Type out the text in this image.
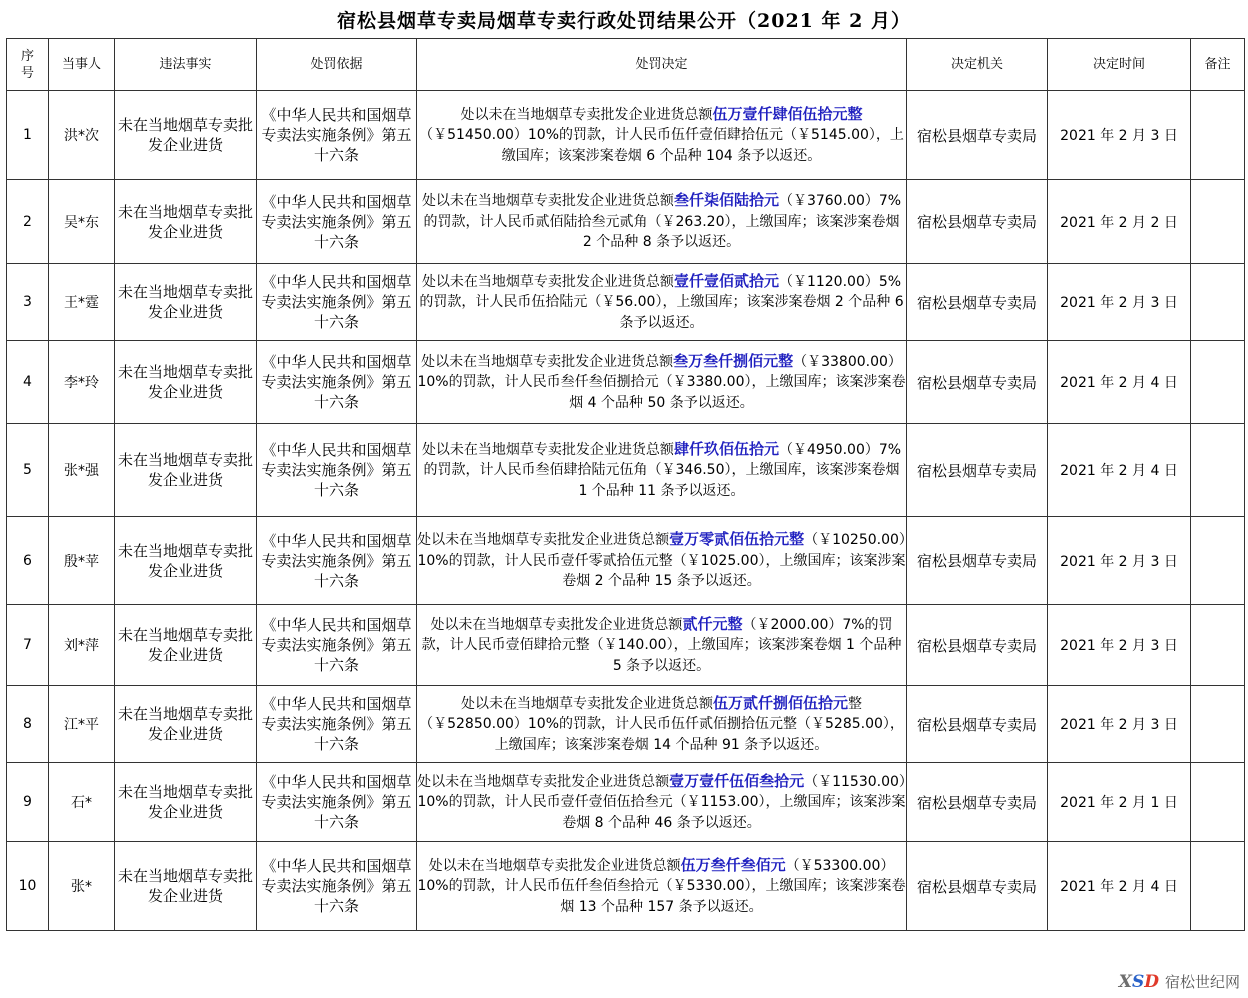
宿松县烟草专卖局烟草专卖行政处罚结果公开（2021 年 2 月）
序
号	当事人	违法事实	处罚依据	处罚决定	决定机关	决定时间	备注
1	洪*次	未在当地烟草专卖批发企业进货	《中华人民共和国烟草专卖法实施条例》第五十六条	处以未在当地烟草专卖批发企业进货总额伍万壹仟肆佰伍拾元整（￥51450.00）10%的罚款，计人民币伍仟壹佰肆拾伍元（￥5145.00），上缴国库；该案涉案卷烟 6 个品种 104 条予以返还。	宿松县烟草专卖局	2021 年 2 月 3 日	
2	吴*东	未在当地烟草专卖批发企业进货	《中华人民共和国烟草专卖法实施条例》第五十六条	处以未在当地烟草专卖批发企业进货总额叁仟柒佰陆拾元（￥3760.00）7%的罚款，计人民币贰佰陆拾叁元贰角（￥263.20），上缴国库；该案涉案卷烟 2 个品种 8 条予以返还。	宿松县烟草专卖局	2021 年 2 月 2 日	
3	王*霆	未在当地烟草专卖批发企业进货	《中华人民共和国烟草专卖法实施条例》第五十六条	处以未在当地烟草专卖批发企业进货总额壹仟壹佰贰拾元（￥1120.00）5%的罚款，计人民币伍拾陆元（￥56.00），上缴国库；该案涉案卷烟 2 个品种 6 条予以返还。	宿松县烟草专卖局	2021 年 2 月 3 日	
4	李*玲	未在当地烟草专卖批发企业进货	《中华人民共和国烟草专卖法实施条例》第五十六条	处以未在当地烟草专卖批发企业进货总额叁万叁仟捌佰元整（￥33800.00）10%的罚款，计人民币叁仟叁佰捌拾元（￥3380.00），上缴国库；该案涉案卷烟 4 个品种 50 条予以返还。	宿松县烟草专卖局	2021 年 2 月 4 日	
5	张*强	未在当地烟草专卖批发企业进货	《中华人民共和国烟草专卖法实施条例》第五十六条	处以未在当地烟草专卖批发企业进货总额肆仟玖佰伍拾元（￥4950.00）7%的罚款，计人民币叁佰肆拾陆元伍角（￥346.50），上缴国库，该案涉案卷烟 1 个品种 11 条予以返还。	宿松县烟草专卖局	2021 年 2 月 4 日	
6	殷*苹	未在当地烟草专卖批发企业进货	《中华人民共和国烟草专卖法实施条例》第五十六条	处以未在当地烟草专卖批发企业进货总额壹万零贰佰伍拾元整（￥10250.00）10%的罚款，计人民币壹仟零贰拾伍元整（￥1025.00），上缴国库；该案涉案卷烟 2 个品种 15 条予以返还。	宿松县烟草专卖局	2021 年 2 月 3 日	
7	刘*萍	未在当地烟草专卖批发企业进货	《中华人民共和国烟草专卖法实施条例》第五十六条	处以未在当地烟草专卖批发企业进货总额贰仟元整（￥2000.00）7%的罚款，计人民币壹佰肆拾元整（￥140.00），上缴国库；该案涉案卷烟 1 个品种 5 条予以返还。	宿松县烟草专卖局	2021 年 2 月 3 日	
8	江*平	未在当地烟草专卖批发企业进货	《中华人民共和国烟草专卖法实施条例》第五十六条	处以未在当地烟草专卖批发企业进货总额伍万贰仟捌佰伍拾元整（￥52850.00）10%的罚款，计人民币伍仟贰佰捌拾伍元整（￥5285.00），上缴国库；该案涉案卷烟 14 个品种 91 条予以返还。	宿松县烟草专卖局	2021 年 2 月 3 日	
9	石*	未在当地烟草专卖批发企业进货	《中华人民共和国烟草专卖法实施条例》第五十六条	处以未在当地烟草专卖批发企业进货总额壹万壹仟伍佰叁拾元（￥11530.00）10%的罚款，计人民币壹仟壹佰伍拾叁元（￥1153.00），上缴国库；该案涉案卷烟 8 个品种 46 条予以返还。	宿松县烟草专卖局	2021 年 2 月 1 日	
10	张*	未在当地烟草专卖批发企业进货	《中华人民共和国烟草专卖法实施条例》第五十六条	处以未在当地烟草专卖批发企业进货总额伍万叁仟叁佰元（￥53300.00）10%的罚款，计人民币伍仟叁佰叁拾元（￥5330.00），上缴国库；该案涉案卷烟 13 个品种 157 条予以返还。	宿松县烟草专卖局	2021 年 2 月 4 日	
XSD 宿松世纪网
